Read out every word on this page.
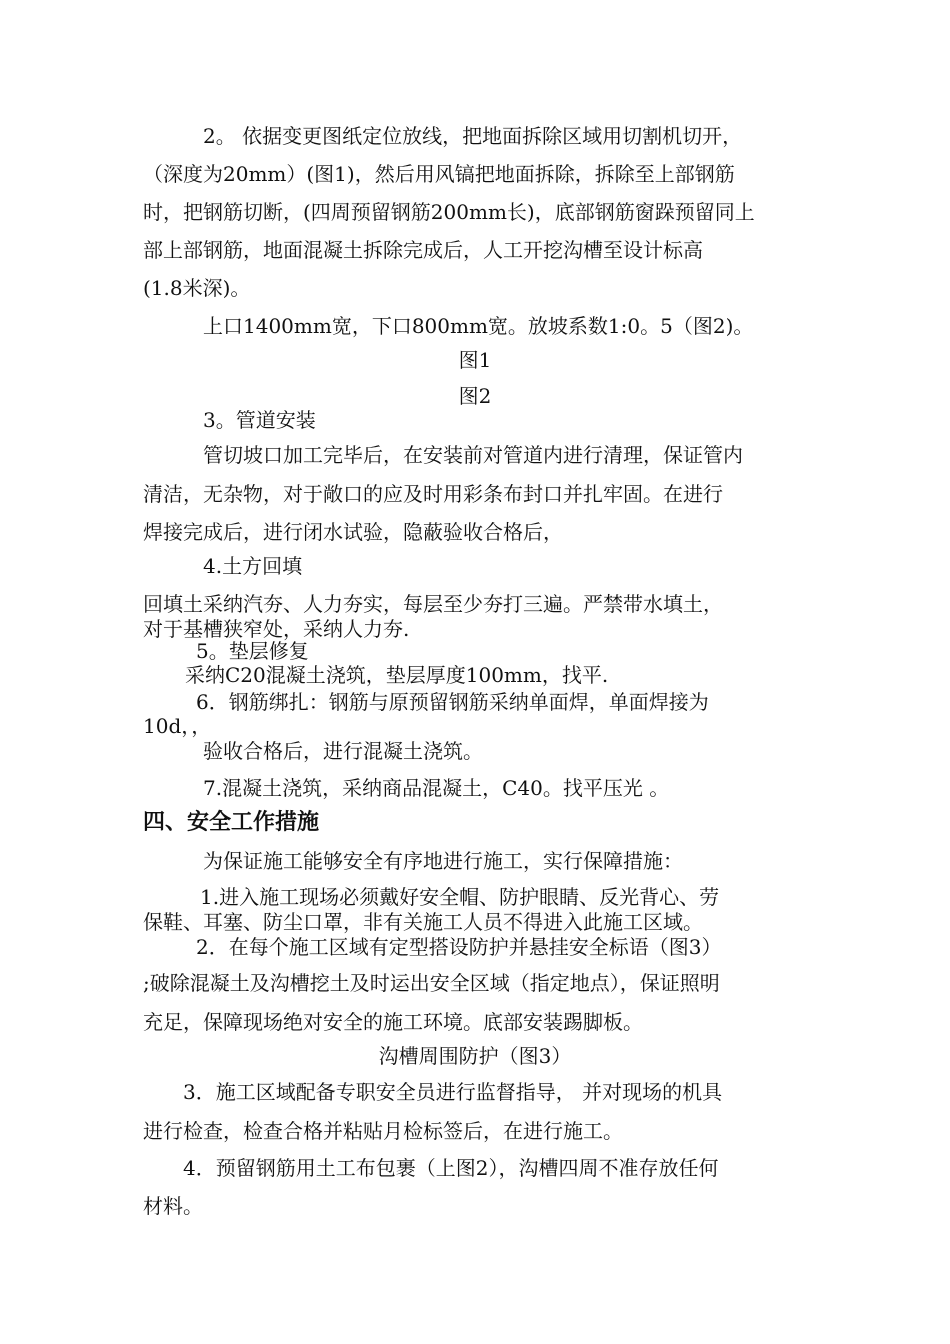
2。 依据变更图纸定位放线，把地面拆除区域用切割机切开，
（深度为20mm）(图1)，然后用风镐把地面拆除，拆除至上部钢筋
时，把钢筋切断，(四周预留钢筋200mm长)，底部钢筋窗跺预留同上
部上部钢筋，地面混凝土拆除完成后，人工开挖沟槽至设计标高
(1.8米深)。
上口1400mm宽，下口800mm宽。放坡系数1:0。5（图2)。
图1
图2
3。管道安装
管切坡口加工完毕后，在安装前对管道内进行清理，保证管内
清洁，无杂物，对于敞口的应及时用彩条布封口并扎牢固。在进行
焊接完成后，进行闭水试验，隐蔽验收合格后，
4.土方回填
回填土采纳汽夯、人力夯实，每层至少夯打三遍。严禁带水填土，
对于基槽狭窄处，采纳人力夯.
5。垫层修复
采纳C20混凝土浇筑，垫层厚度100mm，找平.
6．钢筋绑扎：钢筋与原预留钢筋采纳单面焊，单面焊接为
10d，，
验收合格后，进行混凝土浇筑。
7.混凝土浇筑，采纳商品混凝土，C40。找平压光 。
四、安全工作措施
为保证施工能够安全有序地进行施工，实行保障措施：
1.进入施工现场必须戴好安全帽、防护眼睛、反光背心、劳
保鞋、耳塞、防尘口罩，非有关施工人员不得进入此施工区域。
2．在每个施工区域有定型搭设防护并悬挂安全标语（图3）
;破除混凝土及沟槽挖土及时运出安全区域（指定地点），保证照明
充足，保障现场绝对安全的施工环境。底部安装踢脚板。
沟槽周围防护（图3）
3．施工区域配备专职安全员进行监督指导， 并对现场的机具
进行检查，检查合格并粘贴月检标签后，在进行施工。
4．预留钢筋用土工布包裹（上图2），沟槽四周不准存放任何
材料。
